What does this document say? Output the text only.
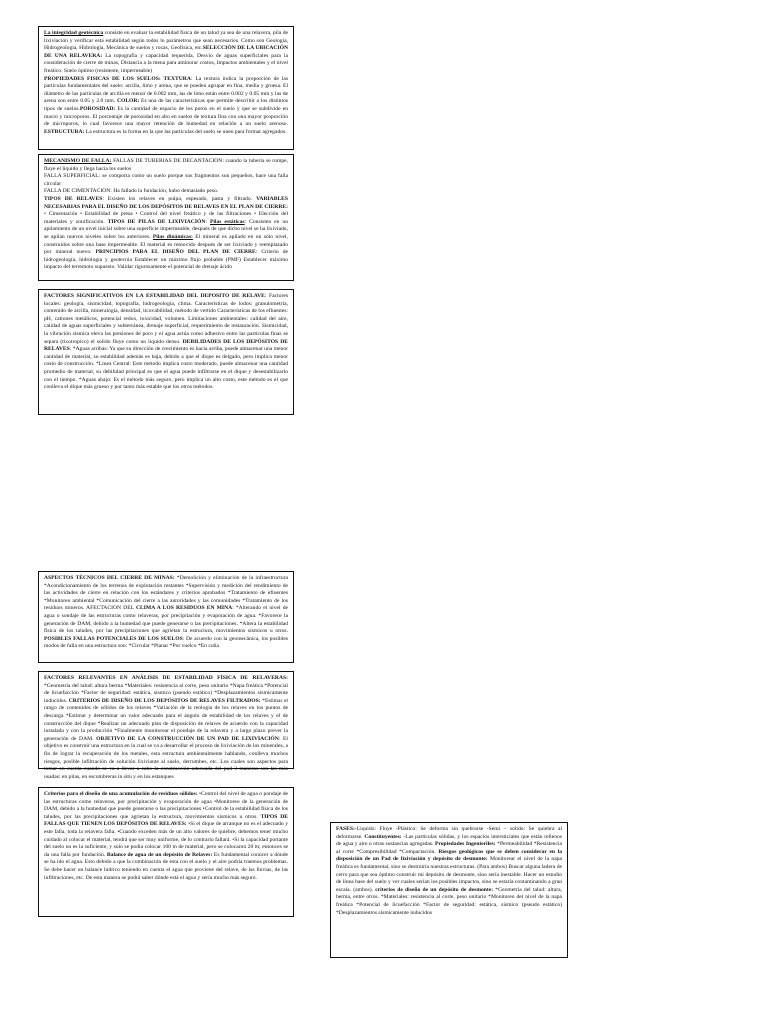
La integridad geotécnica consiste en evaluar la estabilidad física de un talud ya sea de una relavera, pila de lixiviación y verificar esta estabilidad según todos lo parámetros que sean necesarios. Como son Geología, Hidrogeología, Hidrología, Mecánica de suelos y rocas, Geofísica, etc.SELECCIÓN DE LA UBICACIÓN DE UNA RELAVERA: La topografía y capacidad requerida, Desvío de aguas superficiales para la consideración de cierre de minas, Distancia a la mena para aminorar costos, Impactos ambientales y el nivel freático. Suelo óptimo (resistente, impermeable)

PROPIEDADES FISICAS DE LOS SUELOS: TEXTURA: La textura indica la proporción de las partículas fundamentales del suelo: arcilla, limo y arena, que se pueden agrupar en fina, media y gruesa. El diámetro de las partículas de arcilla es menor de 0.002 mm, las de limo están entre 0.002 y 0.05 mm y las de arena son entre 0.05 y 2.0 mm. COLOR: Es una de las características que permite describir a los distintos tipos de suelos.POROSIDAD: Es la cantidad de espacio de los poros en el suelo y que se subdivide en macro y microporos. El porcentaje de porosidad en alto en suelos de textura fina con una mayor proporción de microporos, lo cual favorece una mayor retención de humedad en relación a un suelo arenoso. ESTRUCTURA: La estructura es la forma en la que las partículas del suelo se unen para formar agregados.

MECANISMO DE FALLA: FALLAS DE TUBERIAS DE DECANTACION: cuando la tubería se rompe, fluye el líquido y llega hacia los suelos

FALLA SUPERFICIAL: se comporta como un suelo porque sus fragmentos son pequeños, hace una falla circular

FALLA DE CIMENTACION: Ha fallado la fundación, hubo demasiado peso.

TIPOS DE RELAVES: Existen los relaves en pulpa, espesado, pasta y filtrado. VARIABLES NECESARIAS PARA EL DISEÑO DE LOS DEPÓSITOS DE RELAVES EN EL PLAN DE CIERRE: • Cimentación • Estabilidad de presa • Control del nivel freático y de las filtraciones • Elección del materiales y zonificación. TIPOS DE PILAS DE LIXIVIACIÓN: Pilas estáticas: Consisten en un apilamiento de un nivel inicial sobre una superficie impermeable, después de que dicho nivel se ha lixiviado, se apilan nuevos niveles sobre los anteriores. Pilas dinámicas: El mineral es apilado en un sólo nivel, construidos sobre una base impermeable. El material es removido después de ser lixiviado y reemplazado por mineral nuevo. PRINCIPIOS PARA EL DISEÑO DEL PLAN DE CIERRE: Criterio de hidrogeología, hidrología y geotecnia Establecer un máximo flujo probable (PMF) Establecer máximo impacto del terremoto supuesto. Validar rigurosamente el potencial de drenaje ácido

FACTORES SIGNIFICATIVOS EN LA ESTABILIDAD DEL DEPOSITO DE RELAVE: Factores locales: geología, sismicidad, topografía, hidrogeología, clima. Características de lodos: granulometría, contenido de arcilla, mineralogía, densidad, licuvabilidad, método de vertido Características de los efluentes: pH, cationes metálicos, potencial redox, toxicidad, volumen. Limitaciones ambientales: calidad del aire, calidad de aguas superficiales y subterránea, drenaje superficial, requerimiento de restauración. Sismicidad, la vibración sísmica eleva las presiones de poro y el agua actúa como adhesivo entre las partículas finas se separa (tixotropico) el solido fluye como un liquido denso. DEBILIDADES DE LOS DEPÓSITOS DE RELAVES: *Aguas arribas: Ya que su dirección de crecimiento es hacia arriba, puede almacenar una menor cantidad de material, su estabilidad además es baja, debido a que el dique es delgado, pero implica menor costo de construcción. *Línea Central: Este método implica costo moderado, puede almacenar una cantidad promedio de material, su debilidad principal es que el agua puede infiltrarse en el dique y desestabilizarlo con el tiempo. *Aguas abajo: Es el método más seguro, pero implica un alto costo, este método es el que conlleva el dique más grueso y por tanto más estable que los otros métodos.

ASPECTOS TÉCNICOS DEL CIERRE DE MINAS: *Demolición y eliminación de la infraestructura *Acondicionamiento de los terrenos de explotación restantes *Supervisión y medición del rendimiento de las actividades de cierre en relación con los estándares y criterios aprobados *Tratamiento de efluentes *Monitoreo ambiental *Comunicación del cierre a las autoridades y las comunidades *Tratamiento de los residuos mineros. AFECTACION DEL CLIMA A LOS RESIDUOS EN MINA: *Alterando el nivel de agua o sondaje de las estructuras como relaveras, por precipitación y evaporación de agua. *Favorece la generación de DAM, debido a la humedad que puede generarse o las precipitaciones. *Altera la estabilidad física de los taludes, por las precipitaciones que agrietan la estructura, movimientos sísmicos u otros. POSIBLES FALLAS POTENCIALES DE LOS SUELOS: De acuerdo con la geomecánica, los posibles modos de falla en una estructura son: *Circular *Planar *Por vuelco *En cuña

FACTORES RELEVANTES EN ANÁLISIS DE ESTABILIDAD FÍSICA DE RELAVERAS: *Geometría del talud: altura berma *Materiales: resistencia al corte, peso unitario *Napa freática *Potencial de licuefacción *Factor de seguridad: estática, sísmico (pseudo estático) *Desplazamientos sísmicamente inducidos. CRITERIOS DE DISEÑO DE LOS DEPÓSITOS DE RELAVES FILTRADOS: *Estimar el rango de contenidos de sólidos de los relaves *Variación de la reología de los relaves en los puntos de descarga *Estimar y determinar un valor adecuado para el ángulo de estabilidad de los relaves y el de construcción del dique *Realizar un adecuado plan de disposición de relaves de acuerdo con la capacidad instalada y con la producción *Finalmente monitorear el pondaje de la relavera y a largo plazo prever la generación de DAM. OBJETIVO DE LA CONSTRUCCIÓN DE UN PAD DE LIXIVIACIÓN: El objetivo es construir una estructura en la cual se va a desarrollar el proceso de lixiviación de los minerales, a fin de lograr la recuperación de los metales, esta estructura ambientalmente hablando, conlleva muchos riesgos, posible infiltración de solución lixiviante al suelo, derrumbes, etc. Los cuales son aspectos para tomar en cuenta cuando se va a llevar a cabo la construcción adecuada del pad 3 maneras son las más usadas: en pilas, en escombreras in situ y en los estanques

Criterios para el diseño de una acumulación de residuos sólidos: •Control del nivel de agua o pondaje de las estructuras como relaveras, por precipitación y evaporación de agua •Monitoreo de la generación de DAM, debido a la humedad que puede generarse o las precipitaciones •Control de la estabilidad física de los taludes, por las precipitaciones que agrietan la estructura, movimientos sísmicos u otros. TIPOS DE FALLAS QUE TIENEN LOS DEPÓSITOS DE RELAVES: •Si el dique de arranque no es el adecuado y este falla, toda la relavera falla. •Cuando exceden más de un alto valores de quiebre, debemos tener mucho cuidado al colocar el material, tendrá que ser muy uniforme, de lo contrario fallará. •Si la capacidad portante del suelo no es la suficiente, y solo se podía colocar 100 m de material, pero se colocaron 20 m; entonces se da una falla por fundación. Balance de agua de un depósito de Relaves: Es fundamental conocer a dónde se ha ido el agua. Esto debido a que la combinación de esta con el suelo y el aire podría traemos problemas. Se debe hacer un balance hídrico teniendo en cuenta el agua que proviene del relave, de las lluvias, de las infiltraciones, etc. De esta manera se podrá saber dónde está el agua y sería mucho más seguro.

FASES:-Liquido: Fluye -Plástico: Se deforma sin quebrarse -Semi – solido: Se quiebra al deformarse. Constituyentes: -Las partículas sólidas, y los espacios intersticiales que están rellenos de agua y aire u otras sustancias agregadas. Propiedades Ingenieriles: *Permeabilidad *Resistencia al corte *Compresibilidad *Compactación. Riesgos geológicos que se deben considerar en la disposición de un Pad de lixiviación y depósito de desmonte: Monitorear el nivel de la napa freática es fundamental, sino se destruiría nuestras estructuras. (Para ambos) Buscar alguna ladera de cerro para que sea óptimo construir mi depósito de desmonte, sino sería inestable. Hacer un estudio de linea base del suelo y ver cuales serían los posibles impactos, sino se estaría contaminando a gran escala. (ambos). criterios de diseño de un depósito de desmonte: *Geometría del talud: altura, berma, entre otros. *Materiales: resistencia al corte, peso unitario *Monitoreo del nivel de la napa freática *Potencial de licuefacción *Factor de seguridad: estática, sísmico (pseudo estático) *Desplazamientos sísmicamente inducidos
